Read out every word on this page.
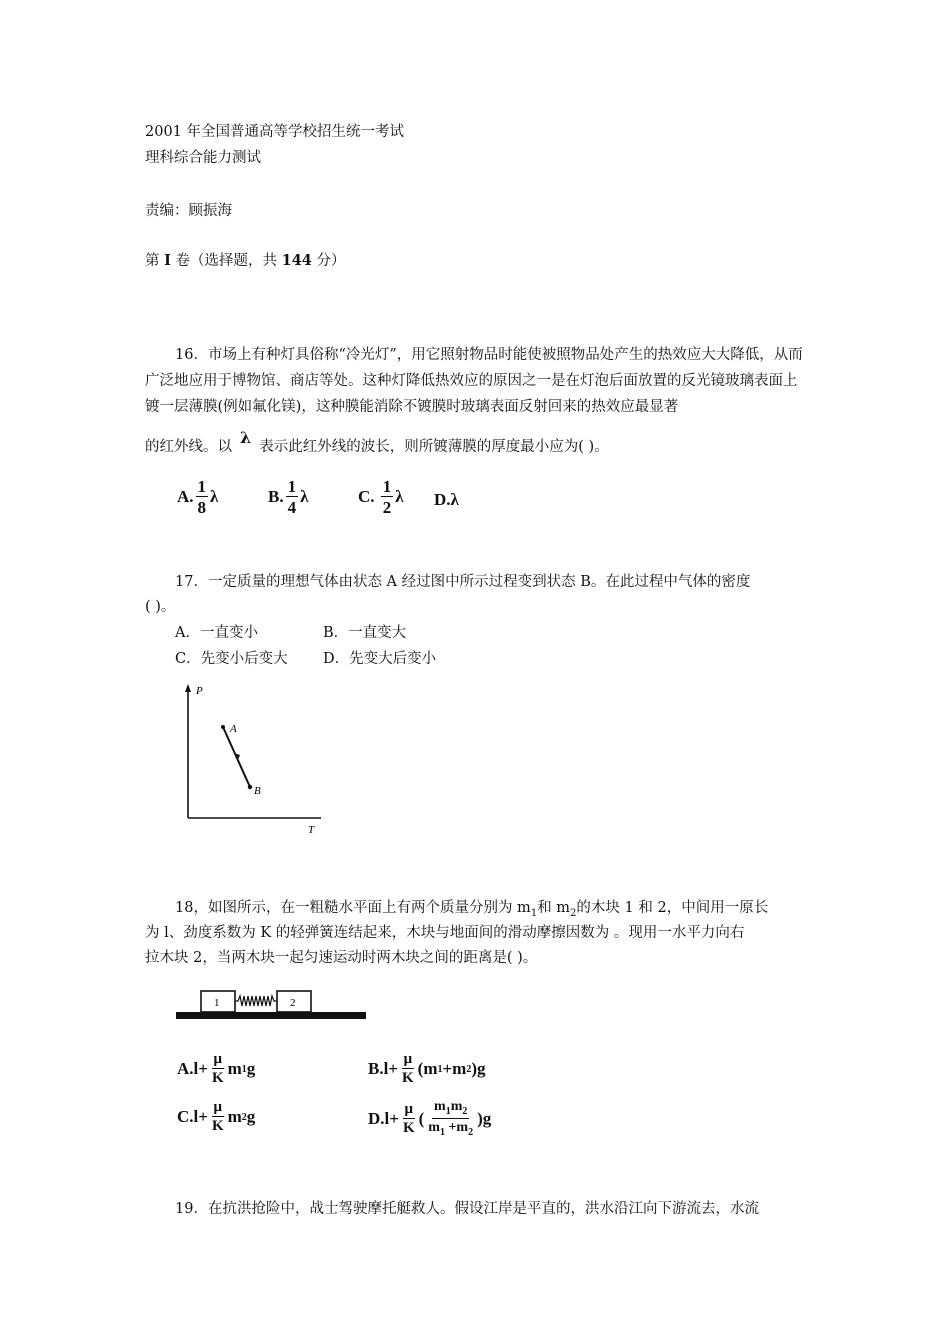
2001 年全国普通高等学校招生统一考试
理科综合能力测试
责编：顾振海
第 I 卷（选择题，共 144 分）

16．市场上有种灯具俗称“冷光灯”，用它照射物品时能使被照物品处产生的热效应大大降低，从而广泛地应用于博物馆、商店等处。这种灯降低热效应的原因之一是在灯泡后面放置的反光镜玻璃表面上镀一层薄膜(例如氟化镁)，这种膜能消除不镀膜时玻璃表面反射回来的热效应最显著

的红外线。以 λ 表示此红外线的波长，则所镀薄膜的厚度最小应为( )。
A. $\frac{1}{8}$ λ	B. $\frac{1}{4}$ λ	C.
$\frac{1}{2}$ λ D. λ
17．一定质量的理想气体由状态 A 经过图中所示过程变到状态 B。在此过程中气体的密度
( )。
A．一直变小	B．一直变大
C．先变小后变大 D．先变大后变小
P
A
B
T
18，如图所示，在一粗糙水平面上有两个质量分别为 $m_1$和 $m_2$的木块 1 和 2，中间用一原长
为 l、劲度系数为 K 的轻弹簧连结起来，木块与地面间的滑动摩擦因数为 。现用一水平力向右
拉木块 2，当两木块一起匀速运动时两木块之间的距离是( )。
1	2
$A.l+ \frac{\mu}{K}$ m 1 g	$B.l+ \frac{\mu}{K} (m$ 1 +m 2 )g
$C.l+ \frac{\mu}{K}$ m 2 g	$D.l+ \frac{\mu}{K}$ ( $\frac{m_1m_2}{m_1 +m_2} )g$
19．在抗洪抢险中，战士驾驶摩托艇救人。假设江岸是平直的，洪水沿江向下游流去，水流
